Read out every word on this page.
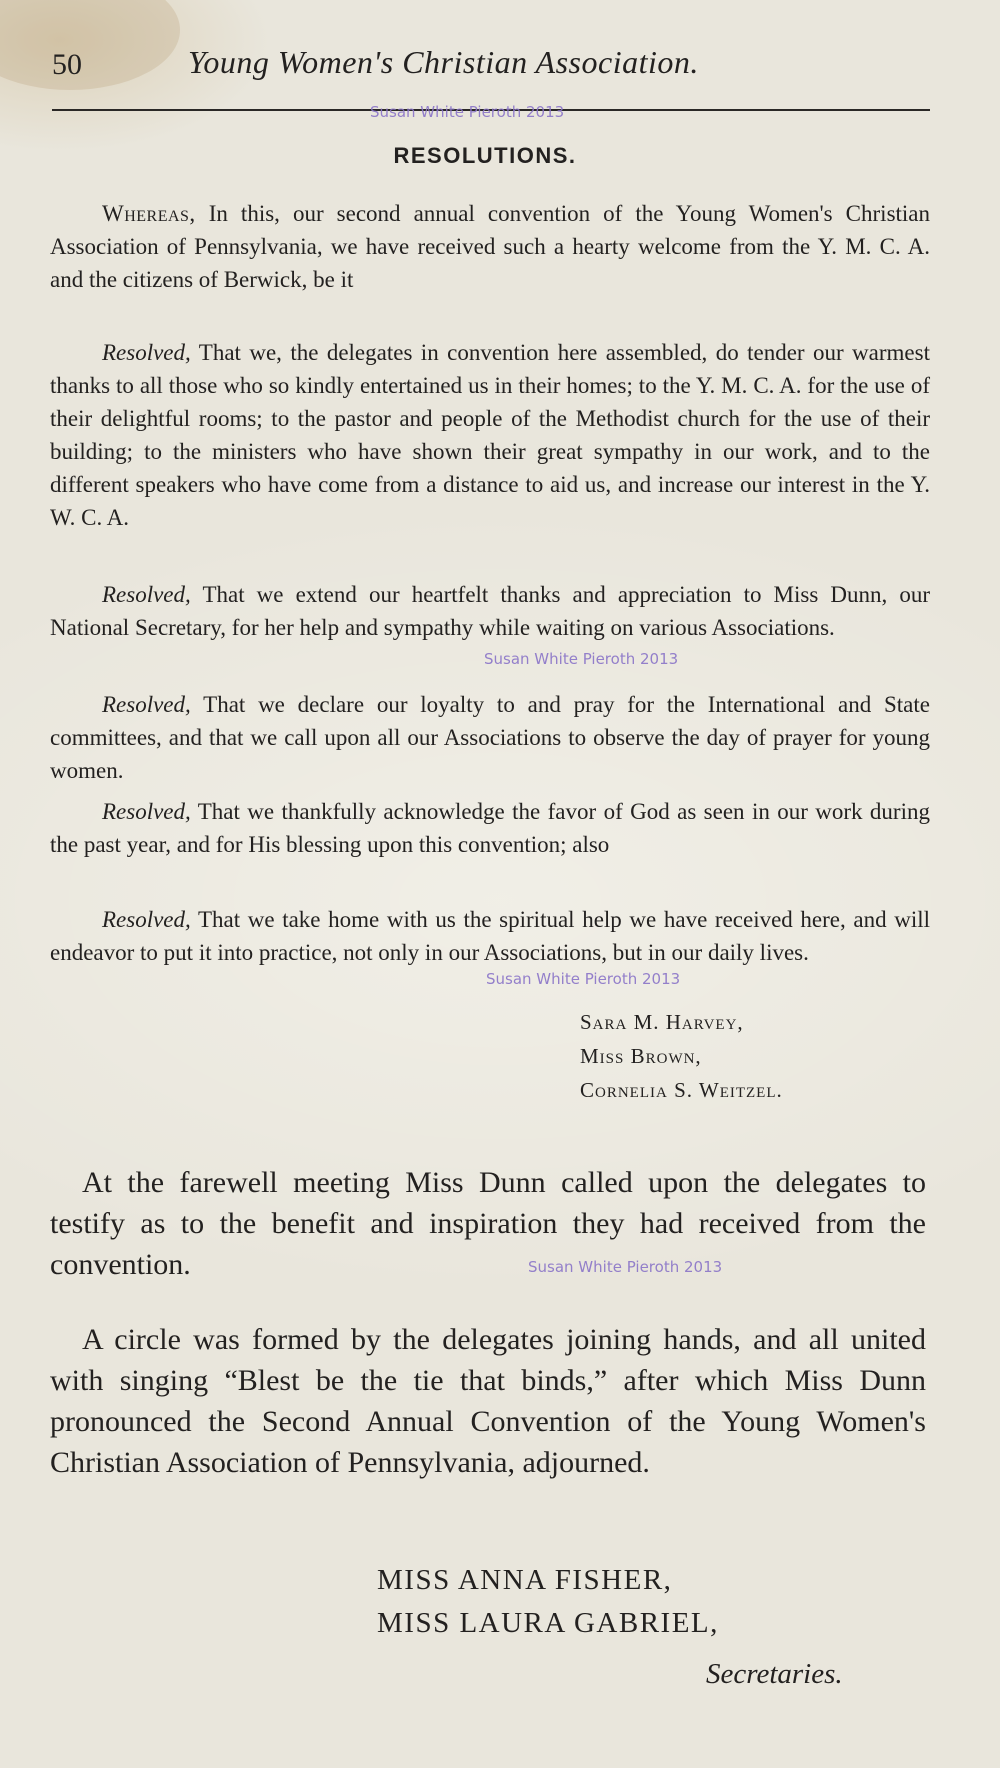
50	Young Women's Christian Association.
Susan White Pieroth 2013
RESOLUTIONS.
Whereas, In this, our second annual convention of the Young Women's Christian Association of Pennsylvania, we have received such a hearty welcome from the Y. M. C. A. and the citizens of Berwick, be it
Resolved, That we, the delegates in convention here assembled, do tender our warmest thanks to all those who so kindly entertained us in their homes; to the Y. M. C. A. for the use of their delightful rooms; to the pastor and people of the Methodist church for the use of their building; to the ministers who have shown their great sympathy in our work, and to the different speakers who have come from a distance to aid us, and increase our interest in the Y. W. C. A.
Resolved, That we extend our heartfelt thanks and appreciation to Miss Dunn, our National Secretary, for her help and sympathy while waiting on various Associations.
Susan White Pieroth 2013
Resolved, That we declare our loyalty to and pray for the International and State committees, and that we call upon all our Associations to observe the day of prayer for young women.
Resolved, That we thankfully acknowledge the favor of God as seen in our work during the past year, and for His blessing upon this convention; also
Resolved, That we take home with us the spiritual help we have received here, and will endeavor to put it into practice, not only in our Associations, but in our daily lives.
Susan White Pieroth 2013
Sara M. Harvey,
Miss Brown,
Cornelia S. Weitzel.
At the farewell meeting Miss Dunn called upon the delegates to testify as to the benefit and inspiration they had received from the convention.	Susan White Pieroth 2013
A circle was formed by the delegates joining hands, and all united with singing “Blest be the tie that binds,” after which Miss Dunn pronounced the Second Annual Convention of the Young Women's Christian Association of Pennsylvania, adjourned.
MISS ANNA FISHER,
MISS LAURA GABRIEL,
Secretaries.
